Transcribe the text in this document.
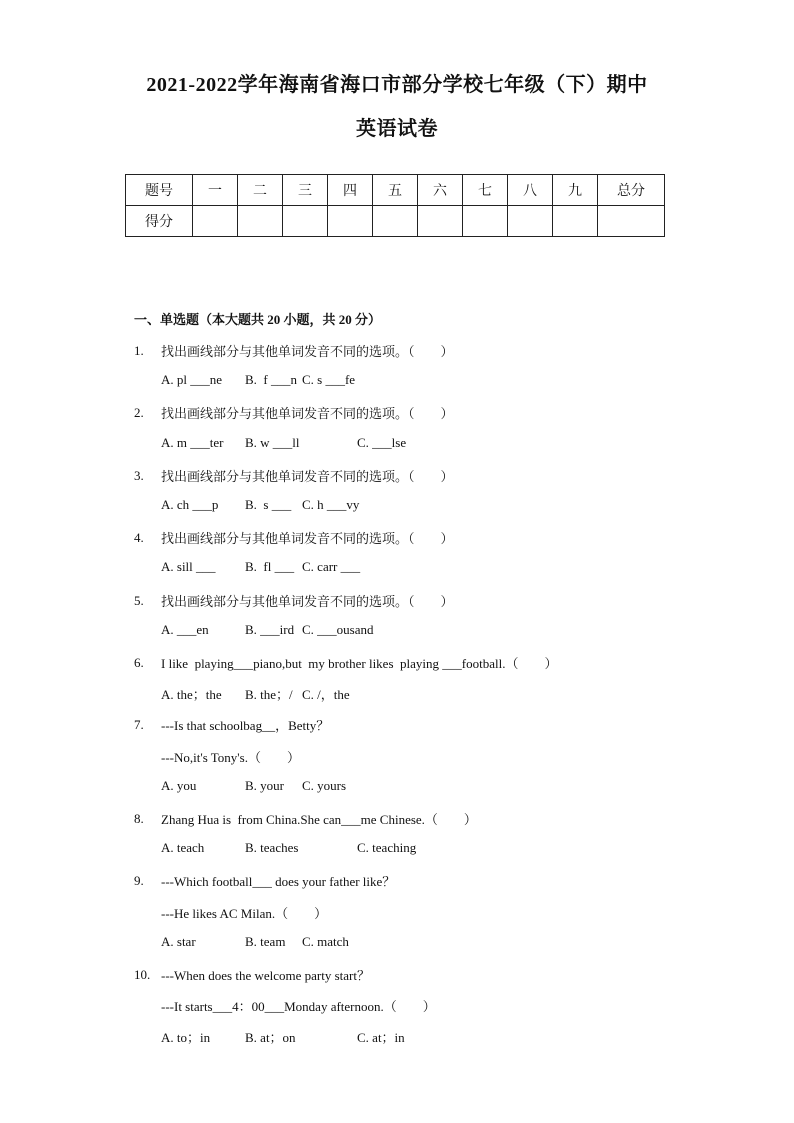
2021-2022学年海南省海口市部分学校七年级（下）期中
英语试卷
题号	一	二	三	四	五	六	七	八	九	总分
得分										
一、单选题（本大题共 20 小题，共 20 分）
1. 找出画线部分与其他单词发音不同的选项。（　　）
A. pl ___ne B.  f ___n C. s ___fe
2. 找出画线部分与其他单词发音不同的选项。（　　）
A. m ___ter B. w ___ll	C. ___lse
3. 找出画线部分与其他单词发音不同的选项。（　　）
A. ch ___p B.  s ___ C. h ___vy
4. 找出画线部分与其他单词发音不同的选项。（　　）
A. sill ___ B.  fl ___ C. carr ___
5. 找出画线部分与其他单词发音不同的选项。（　　）
A. ___en	B. ___ird C. ___ousand
6. I like  playing___piano,but  my brother likes  playing ___football.（　　）
A. the；the B. the；/ C. /，the
7. ---Is that schoolbag__，Betty？
---No,it's Tony's.（　　）
A. you	B. your C. yours
8. Zhang Hua is  from China.She can___me Chinese.（　　）
A. teach	B. teaches	C. teaching
9. ---Which football___ does your father like？
---He likes AC Milan.（　　）
A. star	B. team C. match
10. ---When does the welcome party start？
---It starts___4：00___Monday afternoon.（　　）
A. to；in	B. at；on	C. at；in
